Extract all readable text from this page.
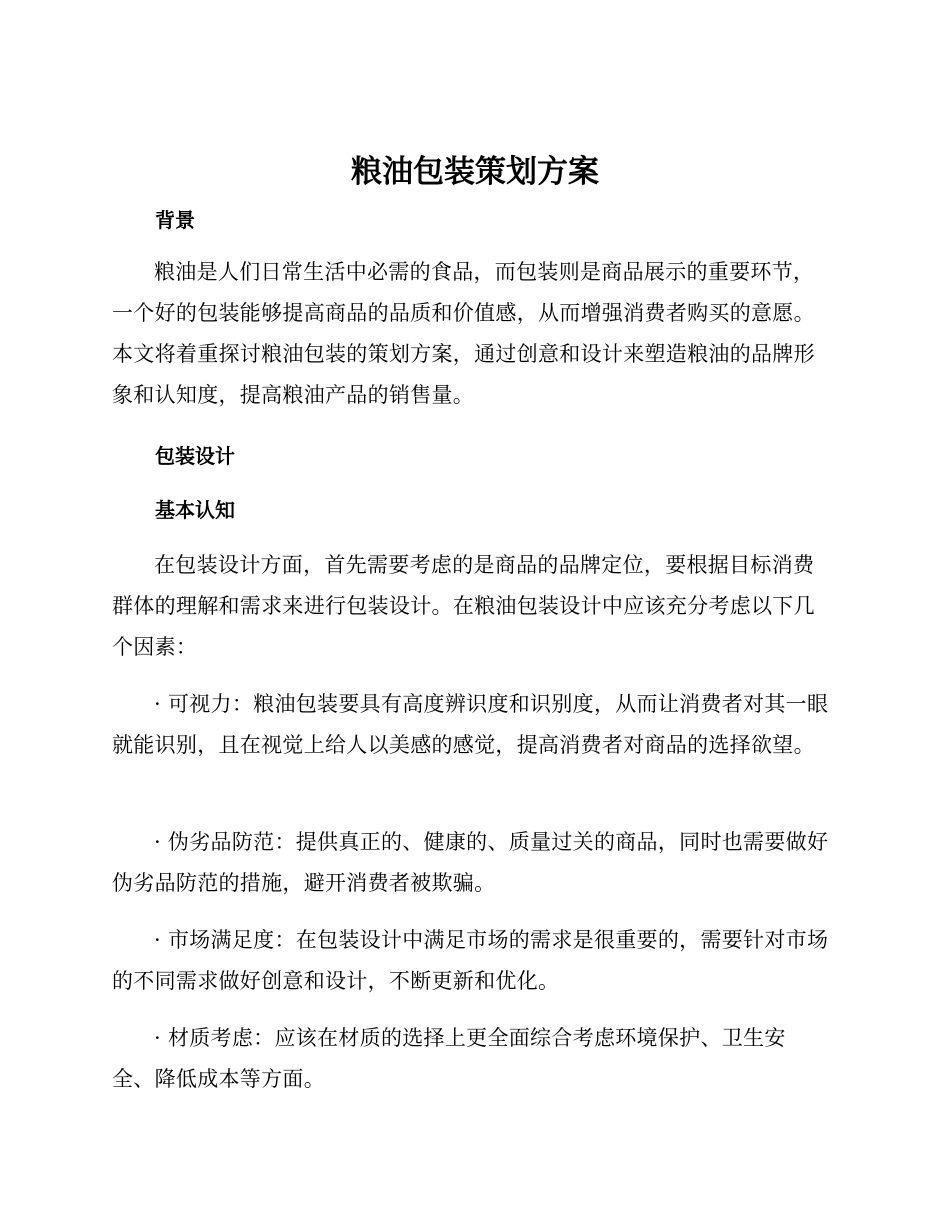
粮油包装策划方案
背景

粮油是人们日常生活中必需的食品，而包装则是商品展示的重要环节，一个好的包装能够提高商品的品质和价值感，从而增强消费者购买的意愿。本文将着重探讨粮油包装的策划方案，通过创意和设计来塑造粮油的品牌形象和认知度，提高粮油产品的销售量。

包装设计
基本认知

在包装设计方面，首先需要考虑的是商品的品牌定位，要根据目标消费群体的理解和需求来进行包装设计。在粮油包装设计中应该充分考虑以下几个因素：

· 可视力：粮油包装要具有高度辨识度和识别度，从而让消费者对其一眼就能识别，且在视觉上给人以美感的感觉，提高消费者对商品的选择欲望。

· 伪劣品防范：提供真正的、健康的、质量过关的商品，同时也需要做好伪劣品防范的措施，避开消费者被欺骗。

· 市场满足度：在包装设计中满足市场的需求是很重要的，需要针对市场的不同需求做好创意和设计，不断更新和优化。

· 材质考虑：应该在材质的选择上更全面综合考虑环境保护、卫生安全、降低成本等方面。
